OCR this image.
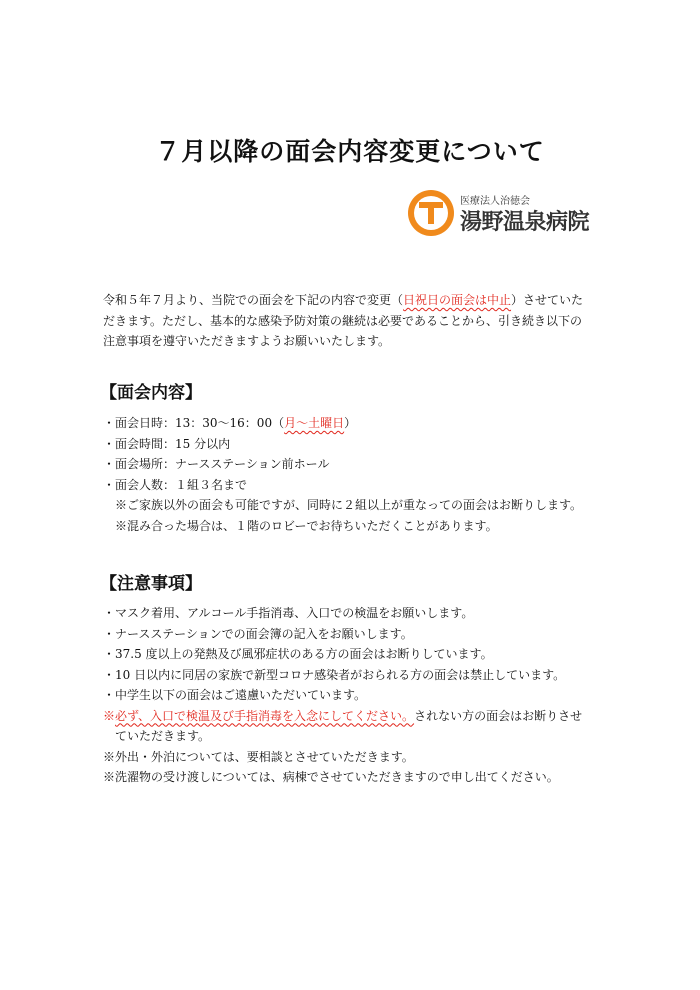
７月以降の面会内容変更について
医療法人治徳会
湯野温泉病院
令和５年７月より、当院での面会を下記の内容で変更（日祝日の面会は中止）させていた
だきます。ただし、基本的な感染予防対策の継続は必要であることから、引き続き以下の
注意事項を遵守いただきますようお願いいたします。
【面会内容】
・面会日時：13：30～16：00（月～土曜日）
・面会時間：15 分以内
・面会場所：ナースステーション前ホール
・面会人数：１組３名まで
※ご家族以外の面会も可能ですが、同時に２組以上が重なっての面会はお断りします。
※混み合った場合は、１階のロビーでお待ちいただくことがあります。
【注意事項】
・マスク着用、アルコール手指消毒、入口での検温をお願いします。
・ナースステーションでの面会簿の記入をお願いします。
・37.5 度以上の発熱及び風邪症状のある方の面会はお断りしています。
・10 日以内に同居の家族で新型コロナ感染者がおられる方の面会は禁止しています。
・中学生以下の面会はご遠慮いただいています。
※必ず、入口で検温及び手指消毒を入念にしてください。されない方の面会はお断りさせ
ていただきます。
※外出・外泊については、要相談とさせていただきます。
※洗濯物の受け渡しについては、病棟でさせていただきますので申し出てください。
